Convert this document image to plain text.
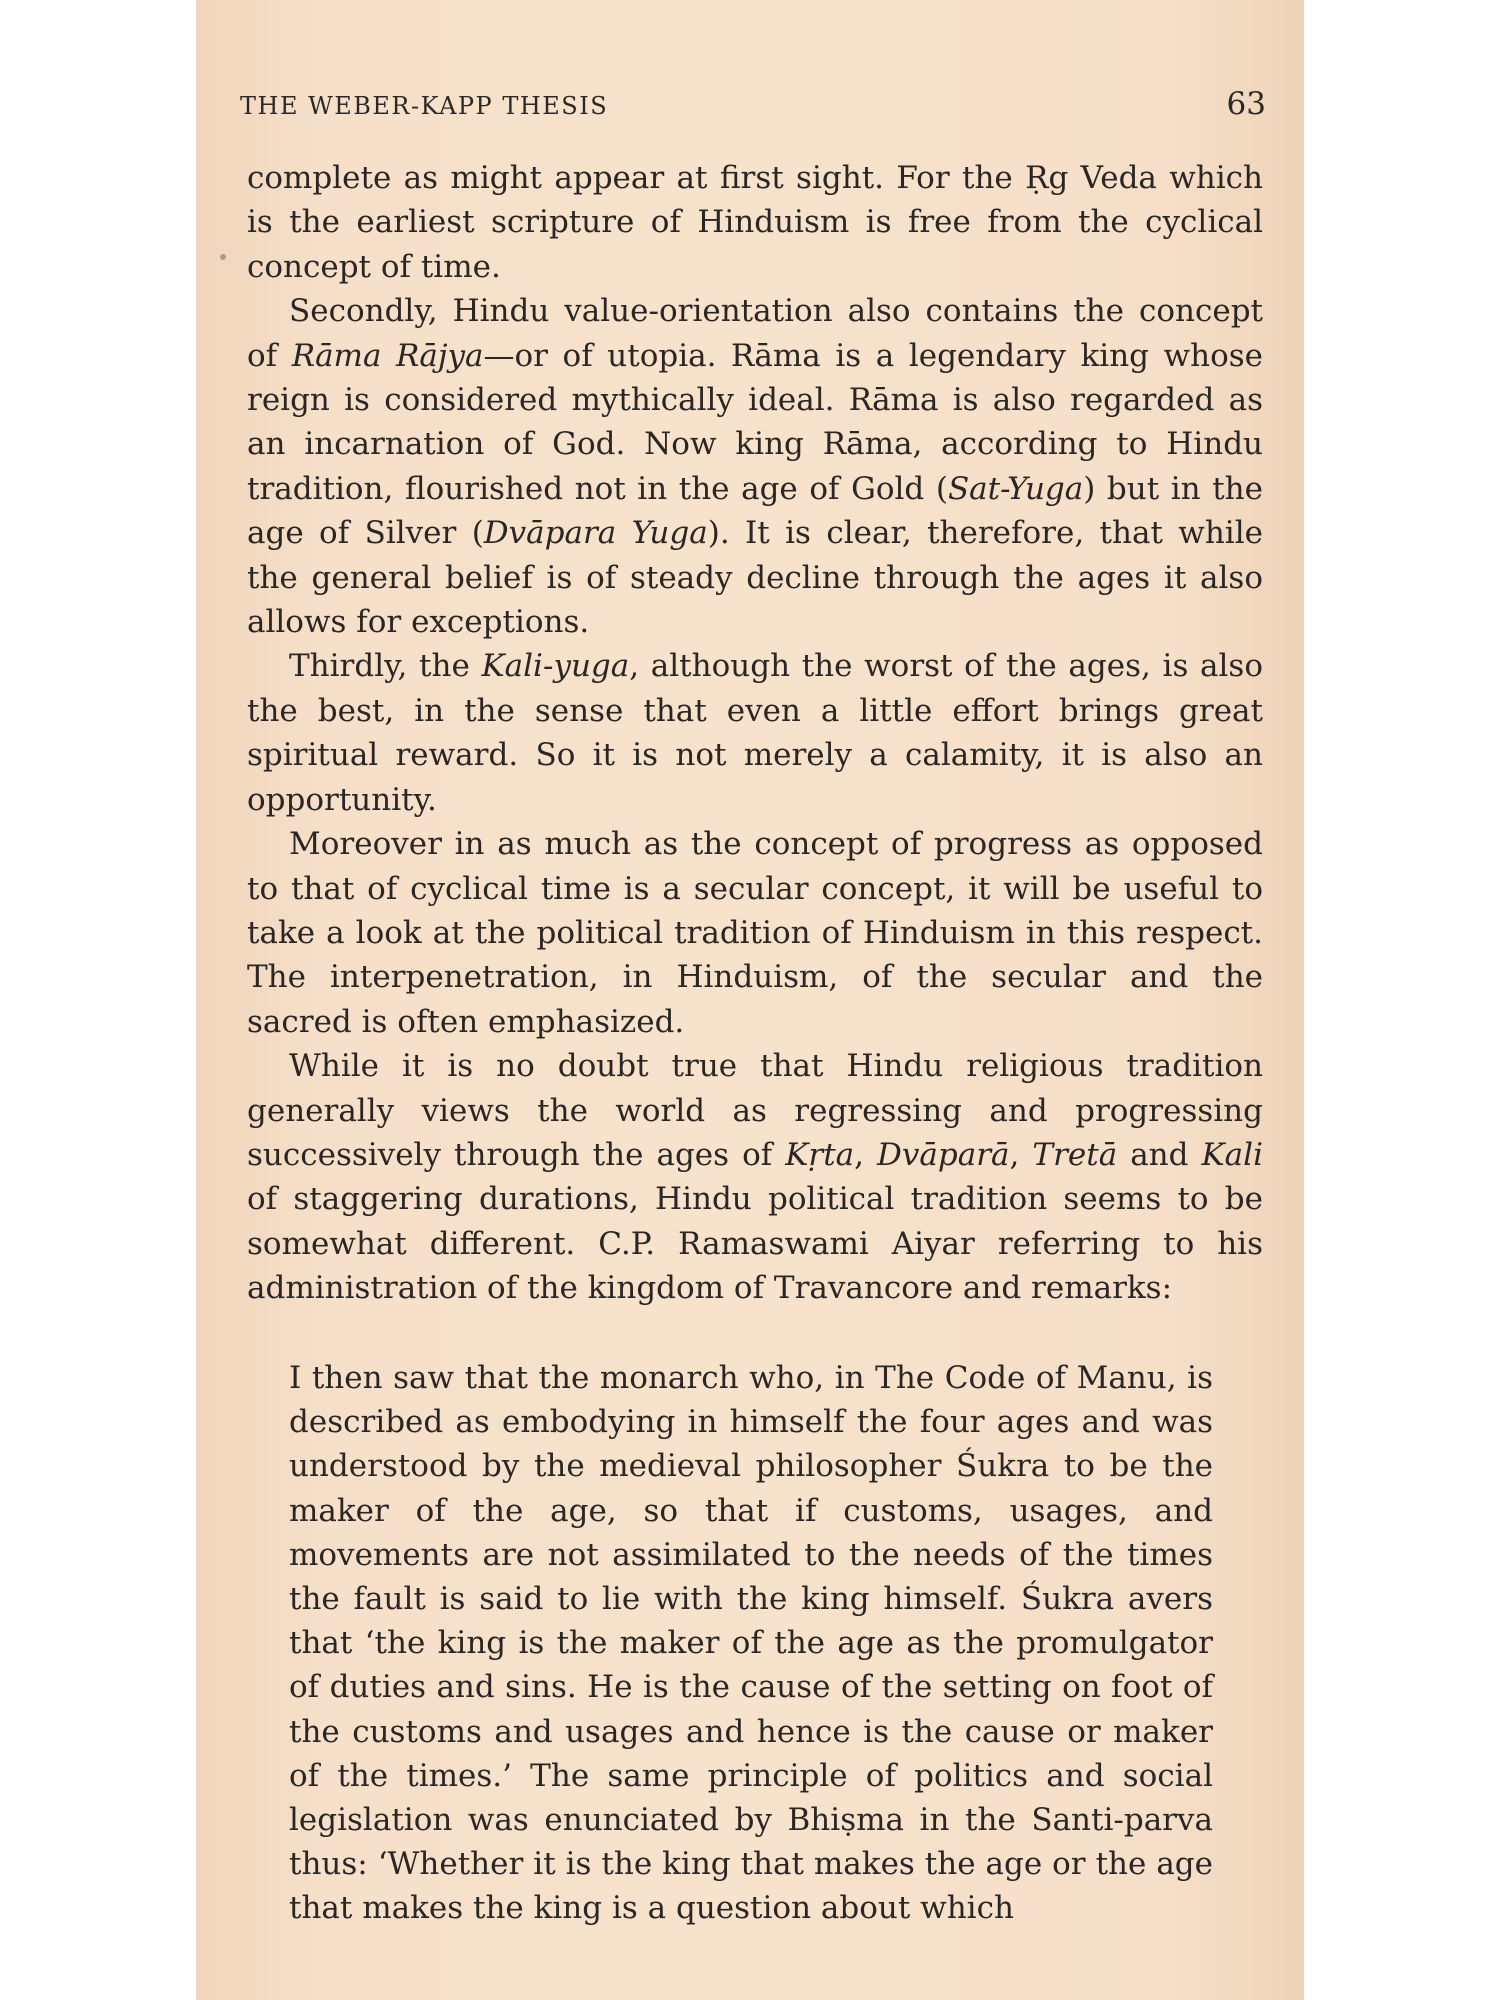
THE WEBER-KAPP THESIS	63

complete as might appear at first sight. For the Ṛg Veda which is the earliest scripture of Hinduism is free from the cyclical concept of time.

Secondly, Hindu value-orientation also contains the concept of Rāma Rājya—or of utopia. Rāma is a legendary king whose reign is considered mythically ideal. Rāma is also regarded as an incarnation of God. Now king Rāma, according to Hindu tradition, flourished not in the age of Gold (Sat-Yuga) but in the age of Silver (Dvāpara Yuga). It is clear, therefore, that while the general belief is of steady decline through the ages it also allows for exceptions.

Thirdly, the Kali-yuga, although the worst of the ages, is also the best, in the sense that even a little effort brings great spiritual reward. So it is not merely a calamity, it is also an opportunity.

Moreover in as much as the concept of progress as opposed to that of cyclical time is a secular concept, it will be useful to take a look at the political tradition of Hinduism in this respect. The interpenetration, in Hinduism, of the secular and the sacred is often emphasized.

While it is no doubt true that Hindu religious tradition generally views the world as regressing and progressing successively through the ages of Kṛta, Dvāparā, Tretā and Kali of staggering durations, Hindu political tradition seems to be somewhat different. C.P. Ramaswami Aiyar referring to his administration of the kingdom of Travancore and remarks:

I then saw that the monarch who, in The Code of Manu, is described as embodying in himself the four ages and was understood by the medieval philosopher Śukra to be the maker of the age, so that if customs, usages, and movements are not assimilated to the needs of the times the fault is said to lie with the king himself. Śukra avers that ‘the king is the maker of the age as the promulgator of duties and sins. He is the cause of the setting on foot of the customs and usages and hence is the cause or maker of the times.’ The same principle of politics and social legislation was enunciated by Bhiṣma in the Santi-parva thus: ‘Whether it is the king that makes the age or the age that makes the king is a question about which
